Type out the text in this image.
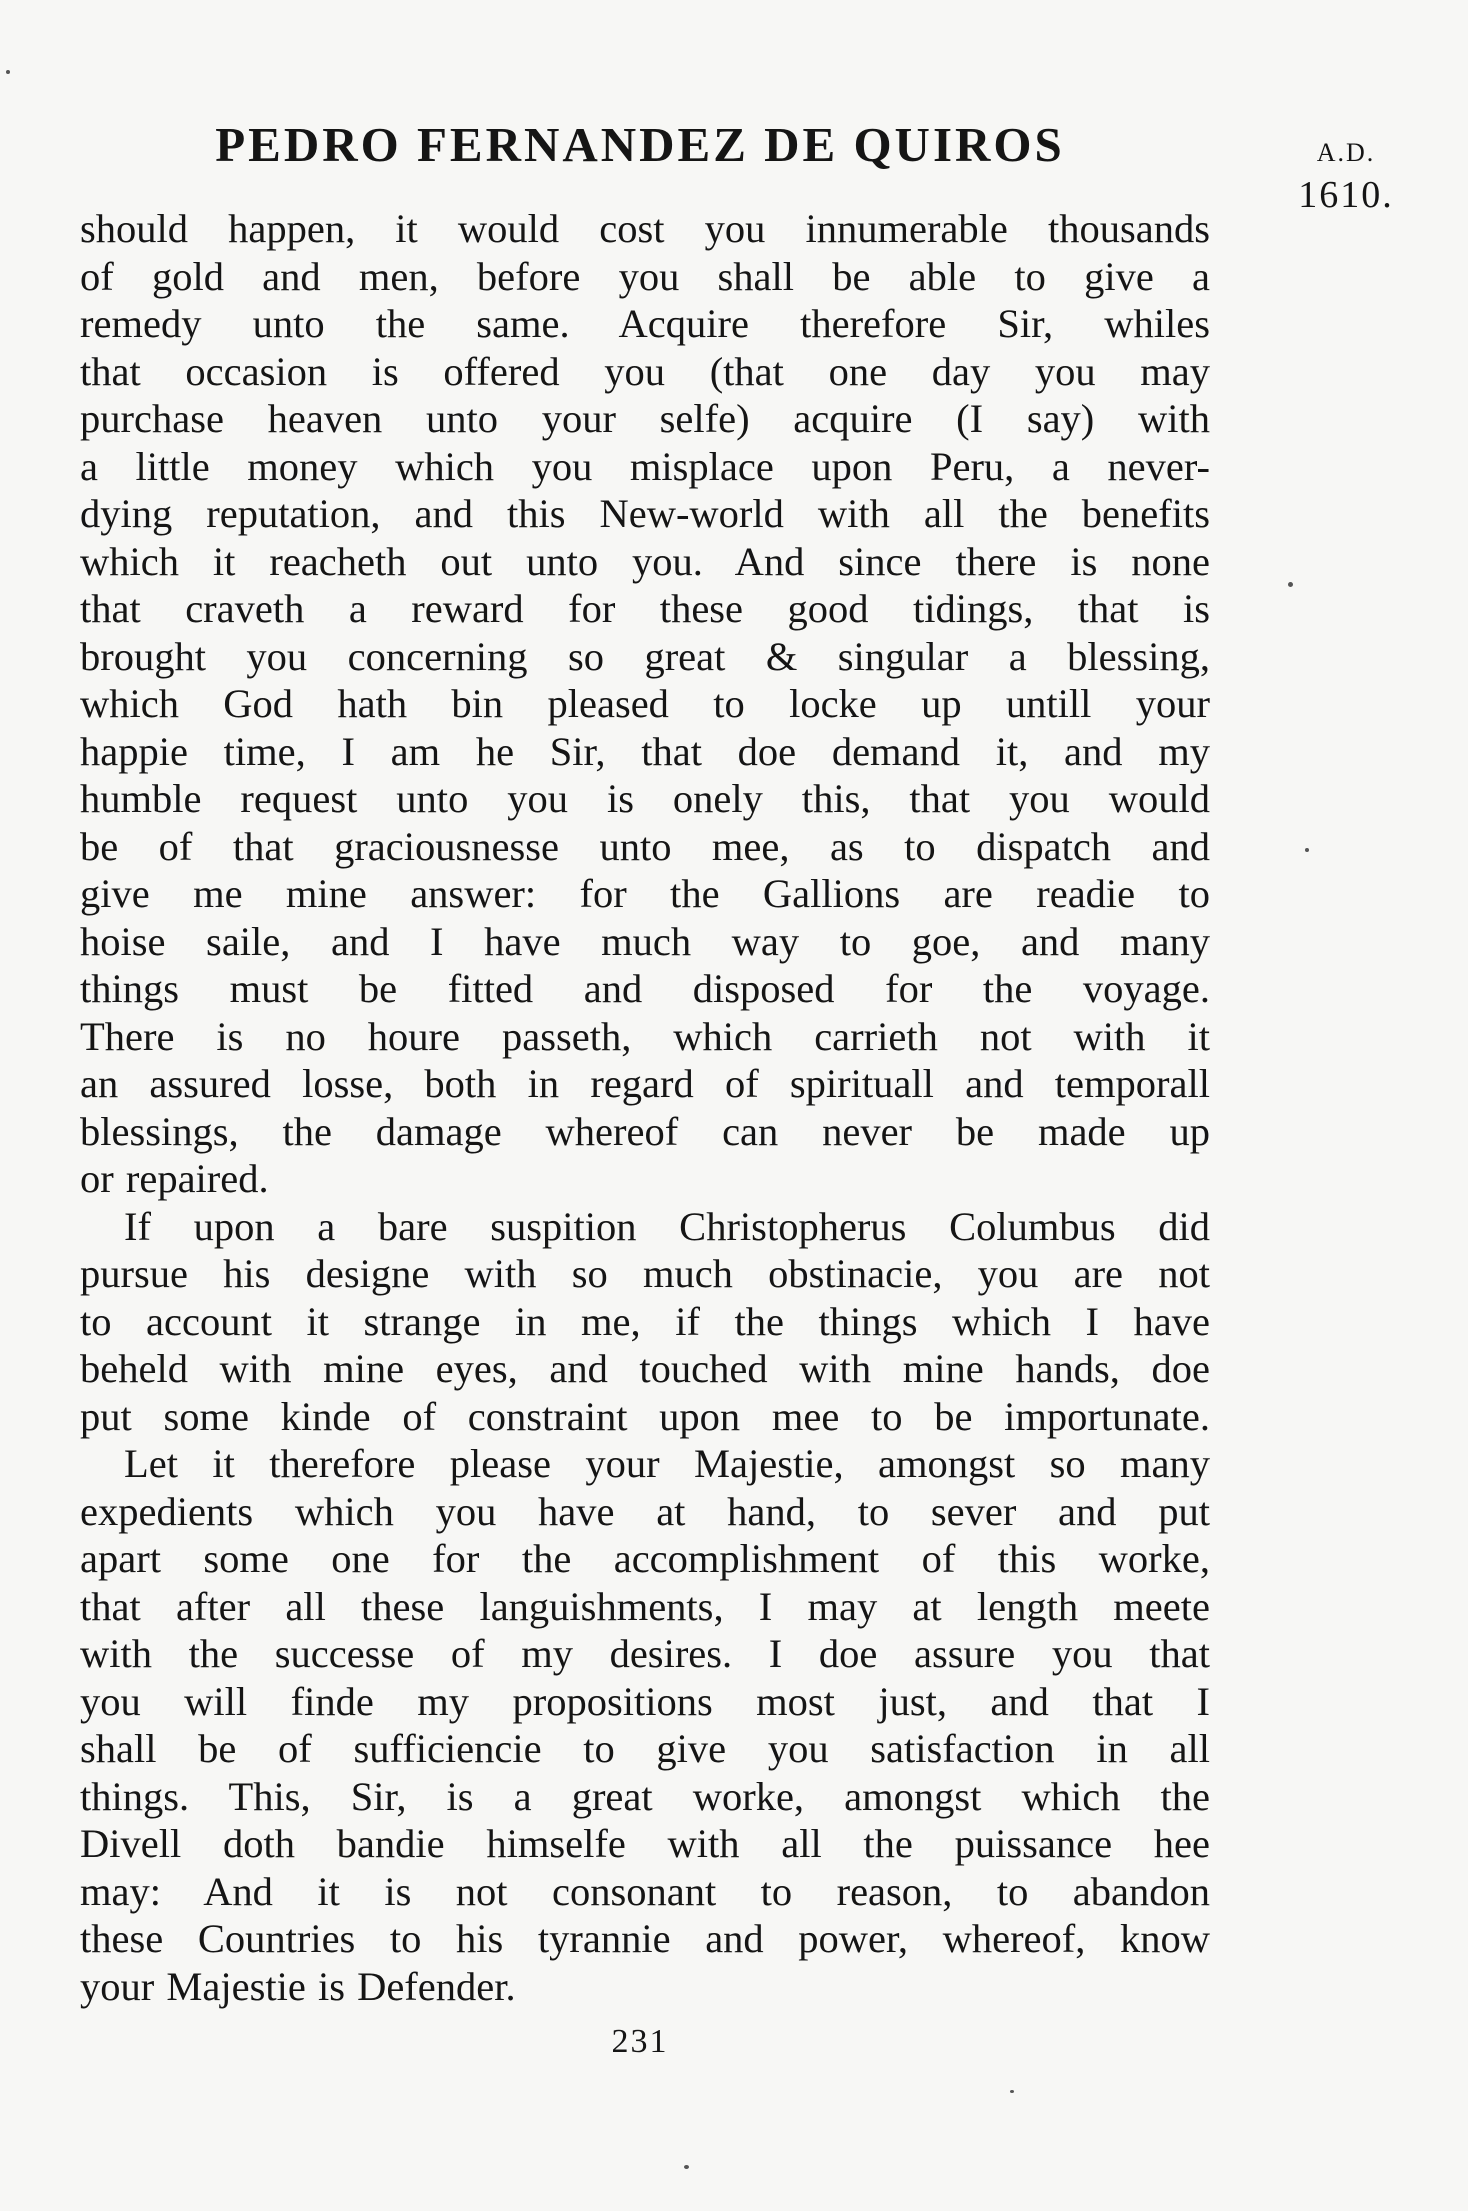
PEDRO FERNANDEZ DE QUIROS	A.D.
1610.

should happen, it would cost you innumerable thousands

of gold and men, before you shall be able to give a

remedy unto the same. Acquire therefore Sir, whiles

that occasion is offered you (that one day you may

purchase heaven unto your selfe) acquire (I say) with

a little money which you misplace upon Peru, a never-

dying reputation, and this New-world with all the benefits

which it reacheth out unto you. And since there is none

that craveth a reward for these good tidings, that is

brought you concerning so great & singular a blessing,

which God hath bin pleased to locke up untill your

happie time, I am he Sir, that doe demand it, and my

humble request unto you is onely this, that you would

be of that graciousnesse unto mee, as to dispatch and

give me mine answer: for the Gallions are readie to

hoise saile, and I have much way to goe, and many

things must be fitted and disposed for the voyage.

There is no houre passeth, which carrieth not with it

an assured losse, both in regard of spirituall and temporall

blessings, the damage whereof can never be made up

or repaired.

If upon a bare suspition Christopherus Columbus did

pursue his designe with so much obstinacie, you are not

to account it strange in me, if the things which I have

beheld with mine eyes, and touched with mine hands, doe

put some kinde of constraint upon mee to be importunate.

Let it therefore please your Majestie, amongst so many

expedients which you have at hand, to sever and put

apart some one for the accomplishment of this worke,

that after all these languishments, I may at length meete

with the successe of my desires. I doe assure you that

you will finde my propositions most just, and that I

shall be of sufficiencie to give you satisfaction in all

things. This, Sir, is a great worke, amongst which the

Divell doth bandie himselfe with all the puissance hee

may: And it is not consonant to reason, to abandon

these Countries to his tyrannie and power, whereof, know

your Majestie is Defender.

231
